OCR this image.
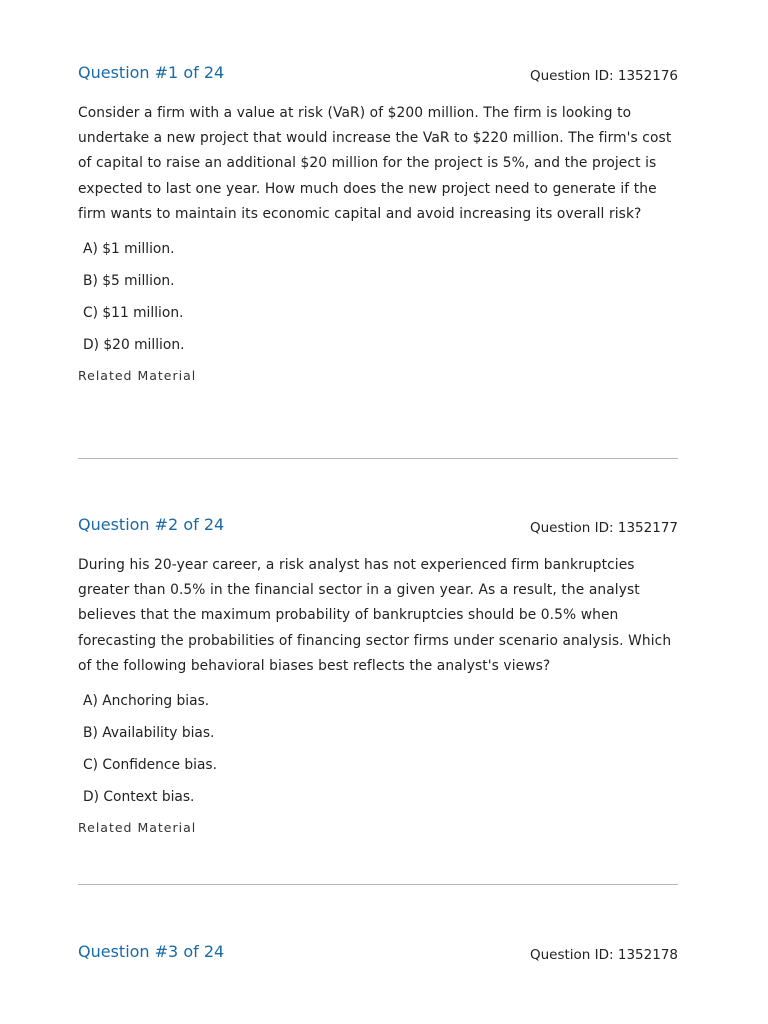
Question #1 of 24	Question ID: 1352176

Consider a firm with a value at risk (VaR) of $200 million. The firm is looking to undertake a new project that would increase the VaR to $220 million. The firm's cost of capital to raise an additional $20 million for the project is 5%, and the project is expected to last one year. How much does the new project need to generate if the firm wants to maintain its economic capital and avoid increasing its overall risk?

A) $1 million.
B) $5 million.
C) $11 million.
D) $20 million.
Related Material
Question #2 of 24	Question ID: 1352177

During his 20-year career, a risk analyst has not experienced firm bankruptcies greater than 0.5% in the financial sector in a given year. As a result, the analyst believes that the maximum probability of bankruptcies should be 0.5% when forecasting the probabilities of financing sector firms under scenario analysis. Which of the following behavioral biases best reflects the analyst's views?

A) Anchoring bias.
B) Availability bias.
C) Confidence bias.
D) Context bias.
Related Material
Question #3 of 24	Question ID: 1352178
